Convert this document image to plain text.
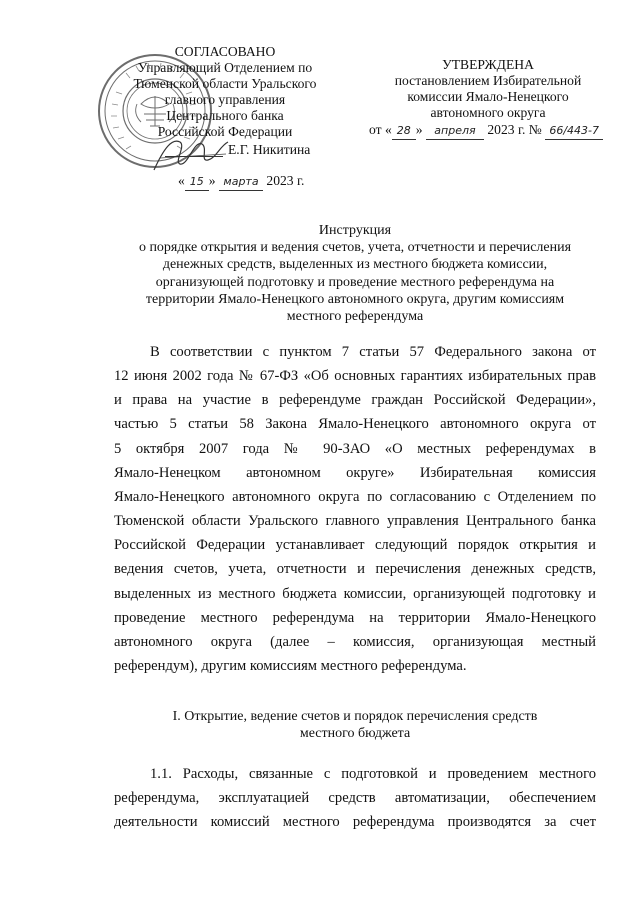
СОГЛАСОВАНО
Управляющий Отделением по
Тюменской области Уральского
главного управления
Центрального банка
Российской Федерации
Е.Г. Никитина
« 15 » марта 2023 г.
УТВЕРЖДЕНА
постановлением Избирательной
комиссии Ямало-Ненецкого
автономного округа
от « 28 » апреля 2023 г. № 66/443-7
Инструкция
о порядке открытия и ведения счетов, учета, отчетности и перечисления
денежных средств, выделенных из местного бюджета комиссии,
организующей подготовку и проведение местного референдума на
территории Ямало-Ненецкого автономного округа, другим комиссиям
местного референдума
В соответствии с пунктом 7 статьи 57 Федерального закона от
12 июня 2002 года № 67-ФЗ «Об основных гарантиях избирательных прав
и права на участие в референдуме граждан Российской Федерации»,
частью 5 статьи 58 Закона Ямало-Ненецкого автономного округа от
5 октября 2007 года № 90-ЗАО «О местных референдумах в
Ямало-Ненецком автономном округе» Избирательная комиссия
Ямало-Ненецкого автономного округа по согласованию с Отделением по
Тюменской области Уральского главного управления Центрального банка
Российской Федерации устанавливает следующий порядок открытия и
ведения счетов, учета, отчетности и перечисления денежных средств,
выделенных из местного бюджета комиссии, организующей подготовку и
проведение местного референдума на территории Ямало-Ненецкого
автономного округа (далее – комиссия, организующая местный
референдум), другим комиссиям местного референдума.
I. Открытие, ведение счетов и порядок перечисления средств
местного бюджета
1.1. Расходы, связанные с подготовкой и проведением местного
референдума, эксплуатацией средств автоматизации, обеспечением
деятельности комиссий местного референдума производятся за счет
